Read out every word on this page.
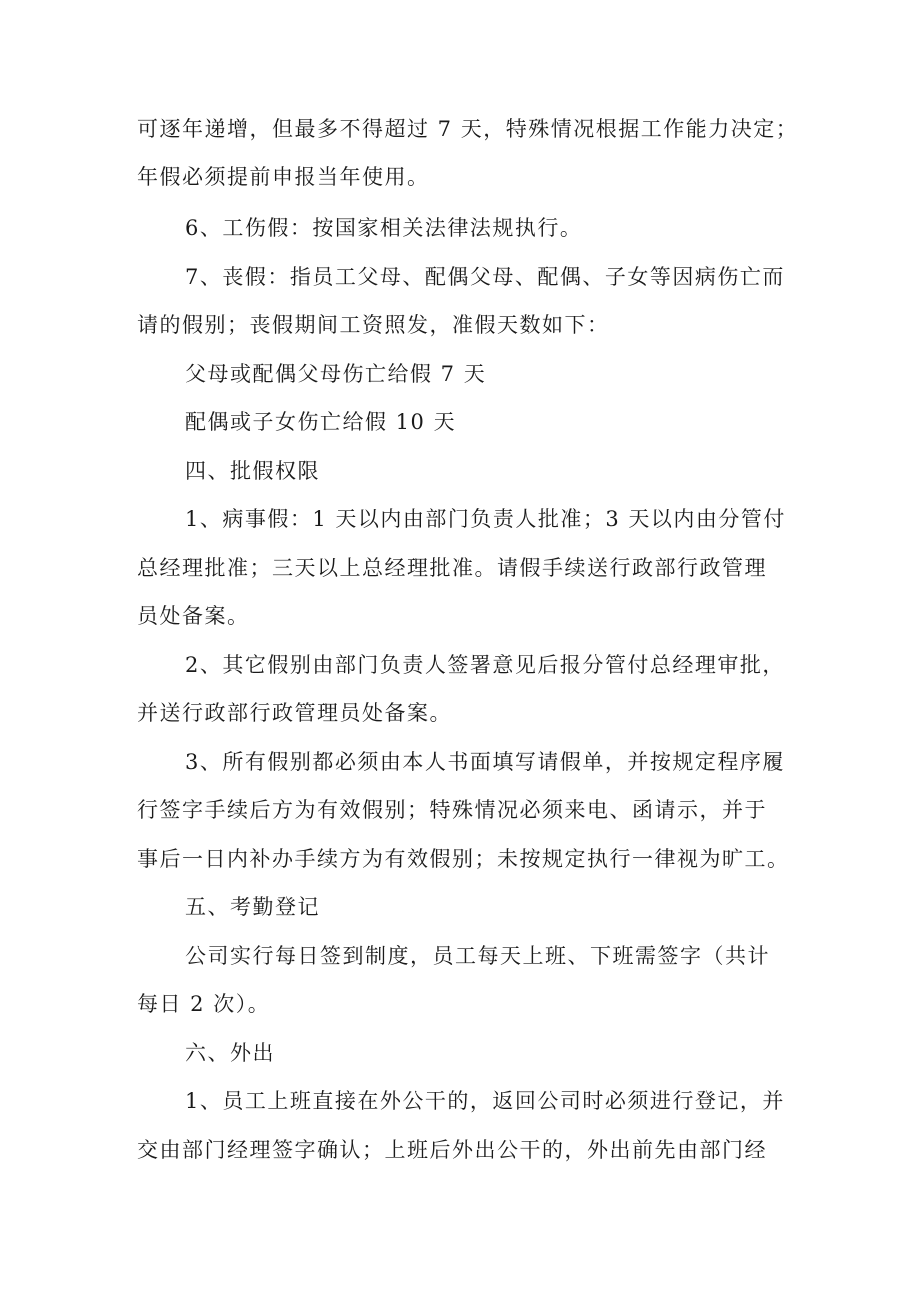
可逐年递增，但最多不得超过 7 天，特殊情况根据工作能力决定；
年假必须提前申报当年使用。
6、工伤假：按国家相关法律法规执行。
7、丧假：指员工父母、配偶父母、配偶、子女等因病伤亡而
请的假别；丧假期间工资照发，准假天数如下：
父母或配偶父母伤亡给假 7 天
配偶或子女伤亡给假 10 天
四、批假权限
1、病事假：1 天以内由部门负责人批准；3 天以内由分管付
总经理批准；三天以上总经理批准。请假手续送行政部行政管理
员处备案。
2、其它假别由部门负责人签署意见后报分管付总经理审批，
并送行政部行政管理员处备案。
3、所有假别都必须由本人书面填写请假单，并按规定程序履
行签字手续后方为有效假别；特殊情况必须来电、函请示，并于
事后一日内补办手续方为有效假别；未按规定执行一律视为旷工。
五、考勤登记
公司实行每日签到制度，员工每天上班、下班需签字（共计
每日 2 次）。
六、外出
1、员工上班直接在外公干的，返回公司时必须进行登记，并
交由部门经理签字确认；上班后外出公干的，外出前先由部门经
